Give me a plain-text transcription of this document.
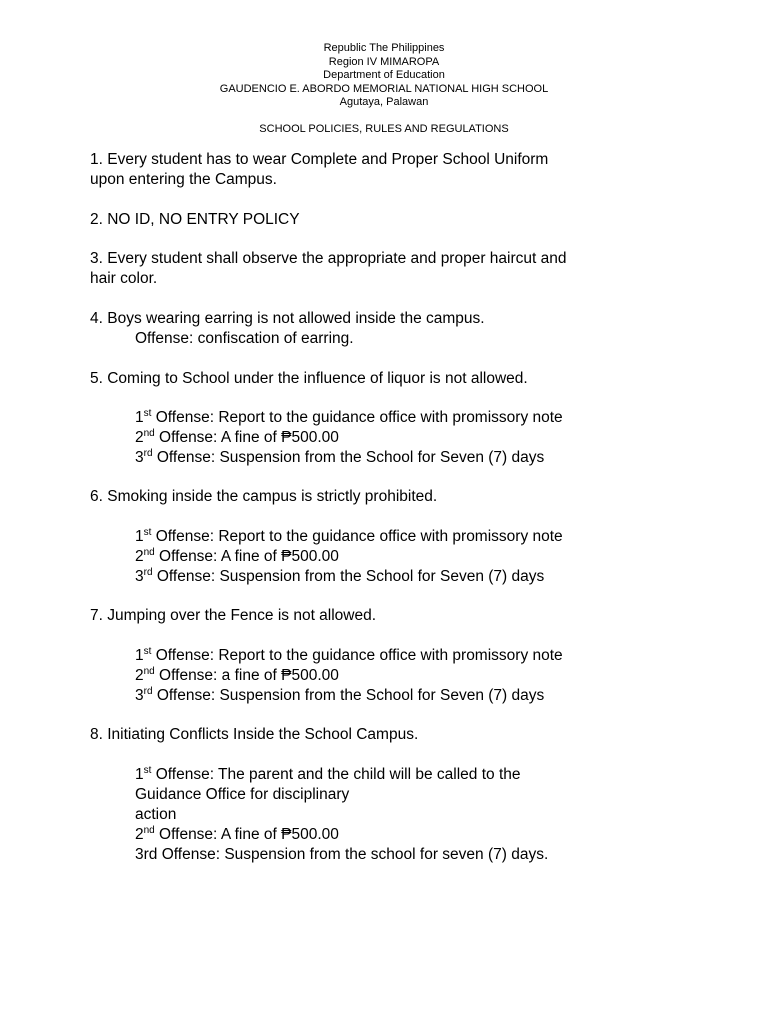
Republic The Philippines
Region IV MIMAROPA
Department of Education
GAUDENCIO E. ABORDO MEMORIAL NATIONAL HIGH SCHOOL
Agutaya, Palawan
SCHOOL POLICIES, RULES AND REGULATIONS

1. Every student has to wear Complete and Proper School Uniform

upon entering the Campus.

2. NO ID, NO ENTRY POLICY

3. Every student shall observe the appropriate and proper haircut and

hair color.

4. Boys wearing earring is not allowed inside the campus.

Offense: confiscation of earring.

5. Coming to School under the influence of liquor is not allowed.

1st Offense: Report to the guidance office with promissory note

2nd Offense: A fine of ₱500.00

3rd Offense: Suspension from the School for Seven (7) days

6. Smoking inside the campus is strictly prohibited.

1st Offense: Report to the guidance office with promissory note

2nd Offense: A fine of ₱500.00

3rd Offense: Suspension from the School for Seven (7) days

7. Jumping over the Fence is not allowed.

1st Offense: Report to the guidance office with promissory note

2nd Offense: a fine of ₱500.00

3rd Offense: Suspension from the School for Seven (7) days

8. Initiating Conflicts Inside the School Campus.

1st Offense: The parent and the child will be called to the

Guidance Office for disciplinary

action

2nd Offense: A fine of ₱500.00

3rd Offense: Suspension from the school for seven (7) days.
